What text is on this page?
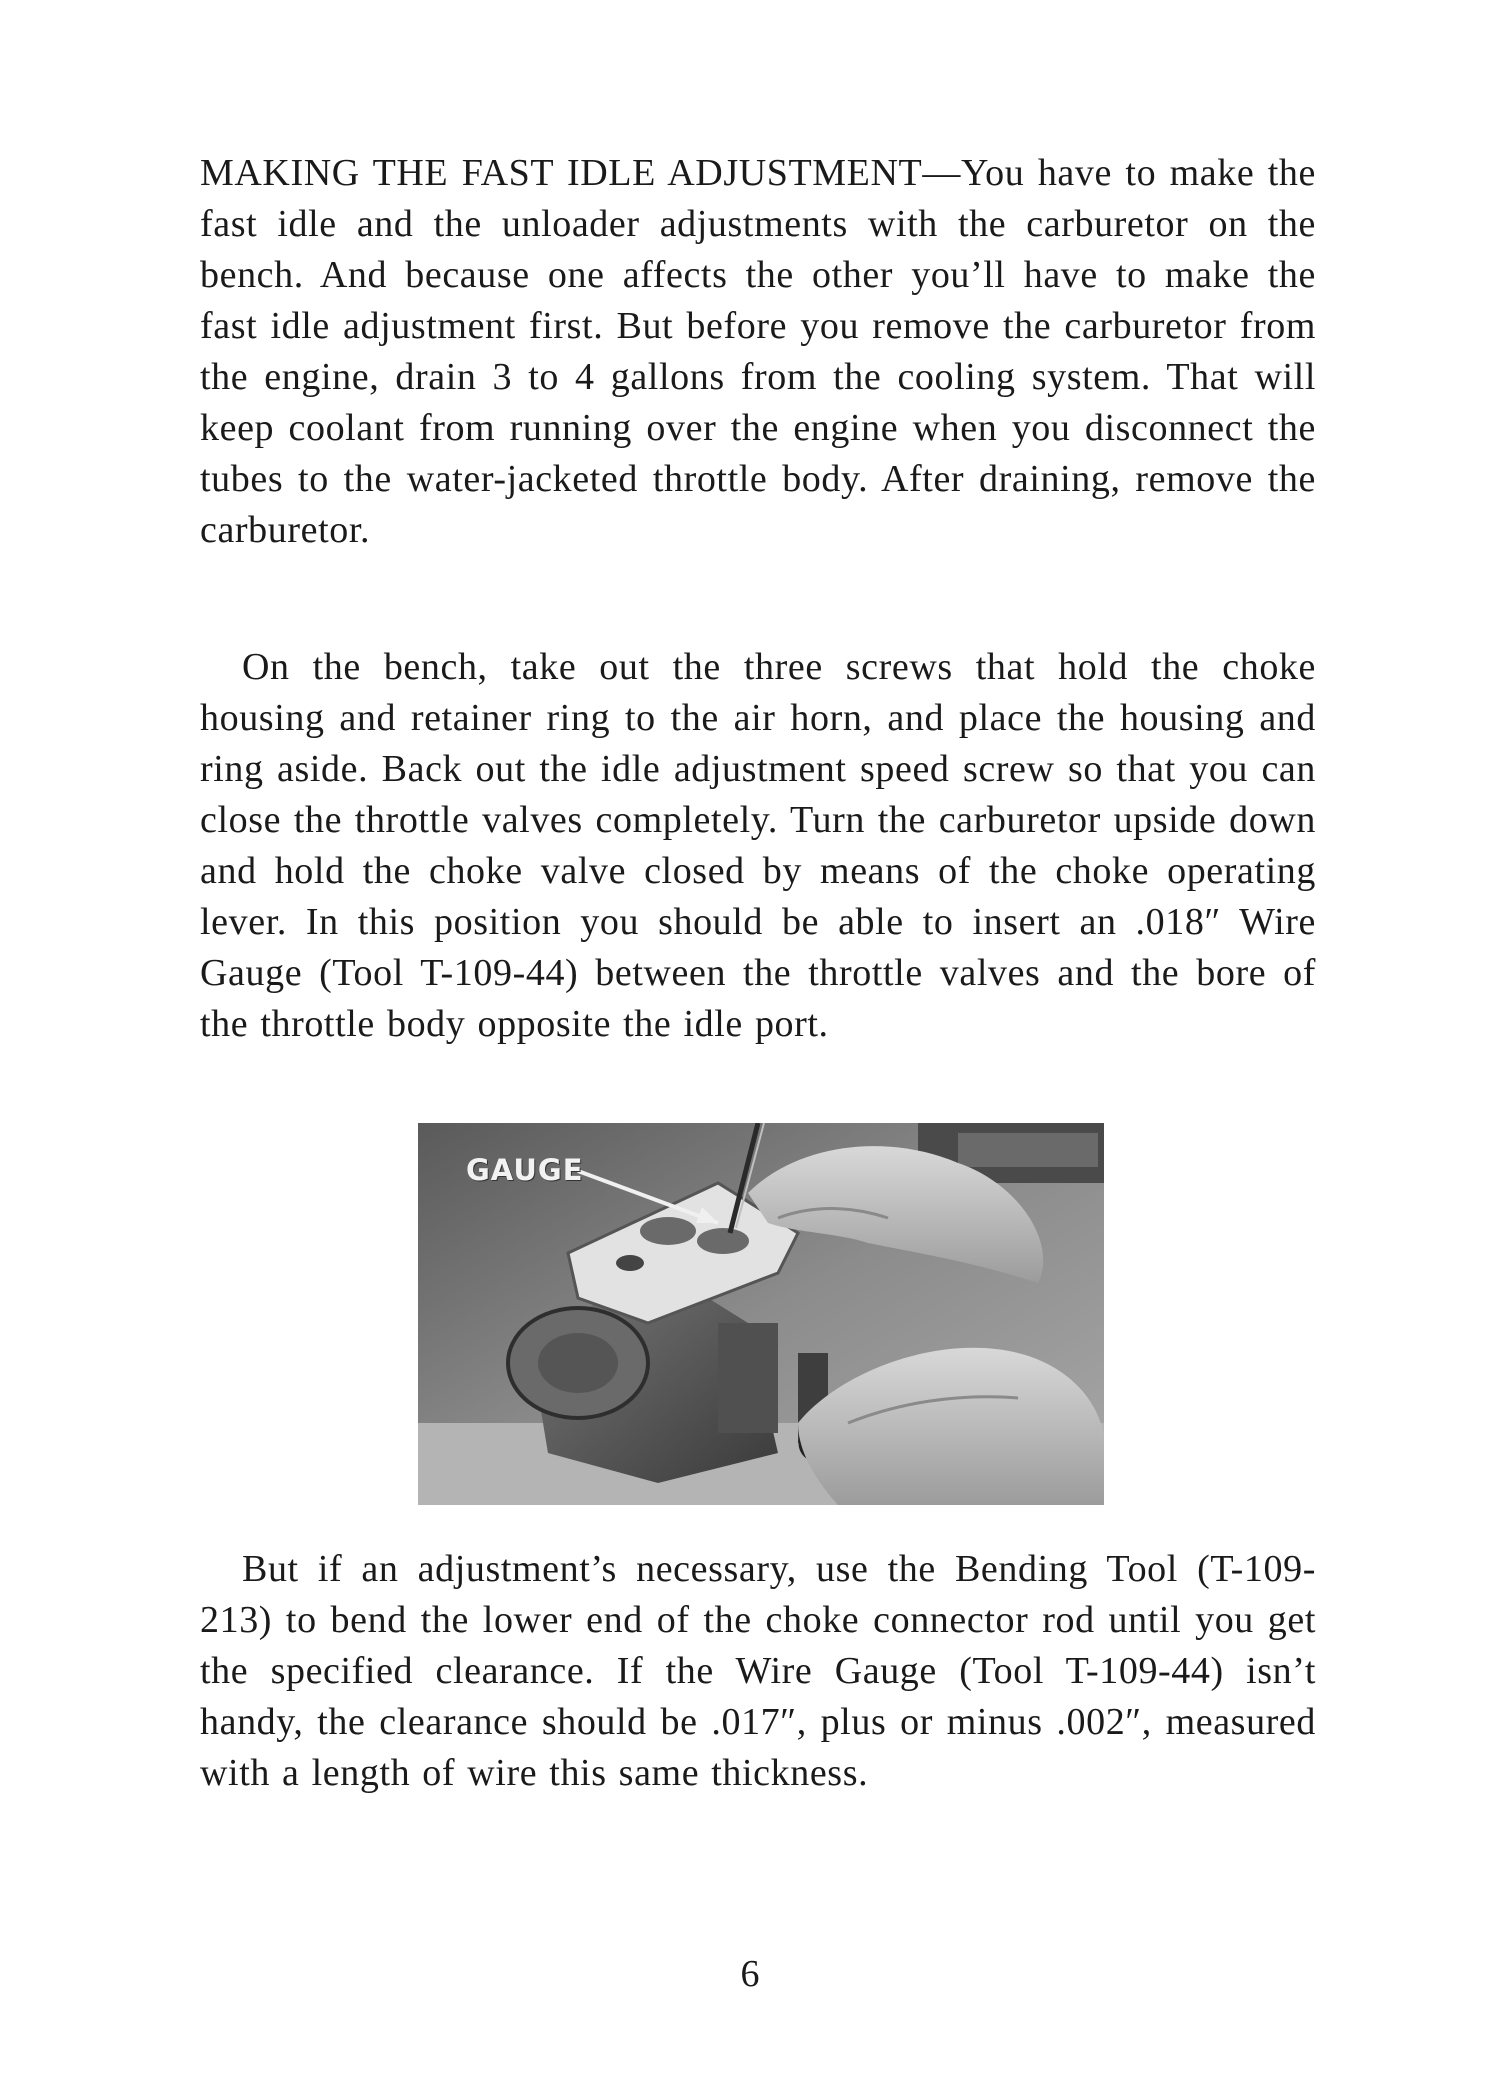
MAKING THE FAST IDLE ADJUSTMENT—You have to make the fast idle and the unloader adjustments with the carburetor on the bench. And because one affects the other you’ll have to make the fast idle adjustment first. But before you remove the carburetor from the engine, drain 3 to 4 gallons from the cooling system. That will keep coolant from running over the engine when you disconnect the tubes to the water-jacketed throttle body. After draining, remove the carburetor.

On the bench, take out the three screws that hold the choke housing and retainer ring to the air horn, and place the housing and ring aside. Back out the idle adjustment speed screw so that you can close the throttle valves completely. Turn the carburetor upside down and hold the choke valve closed by means of the choke operating lever. In this position you should be able to insert an .018″ Wire Gauge (Tool T-109-44) between the throttle valves and the bore of the throttle body opposite the idle port.

GAUGE

But if an adjustment’s necessary, use the Bending Tool (T-109-213) to bend the lower end of the choke connector rod until you get the specified clearance. If the Wire Gauge (Tool T-109-44) isn’t handy, the clearance should be .017″, plus or minus .002″, measured with a length of wire this same thickness.

6
